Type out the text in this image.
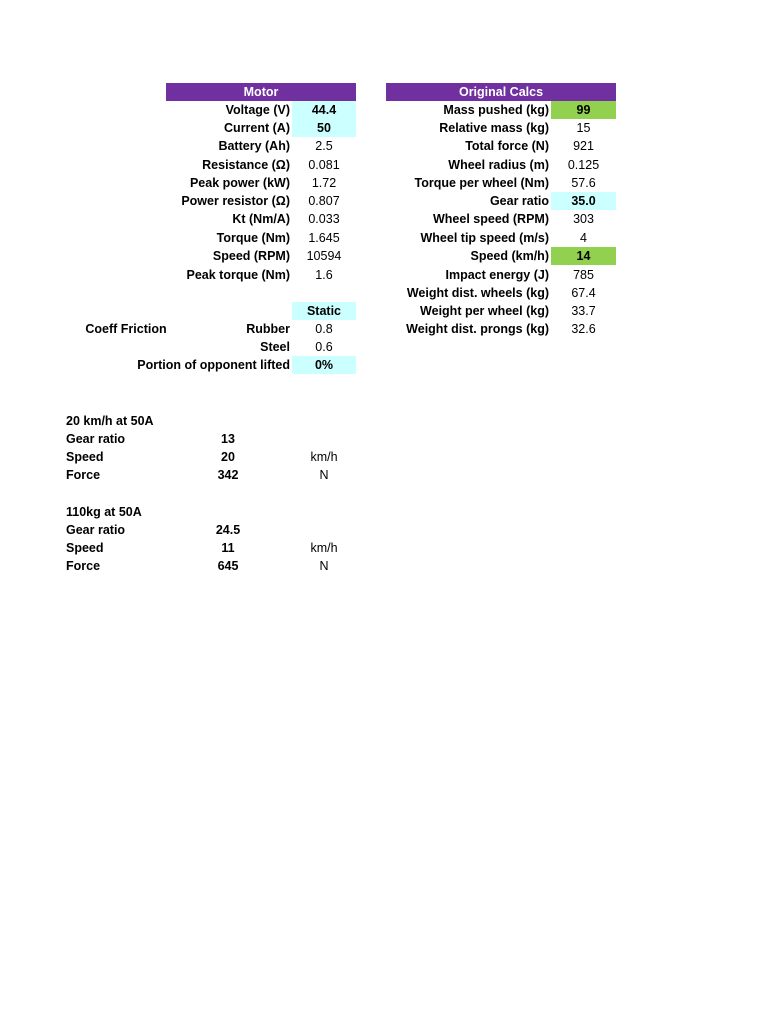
Motor
Voltage (V)	44.4
Current (A)	50
Battery (Ah)	2.5
Resistance (Ω)	0.081
Peak power (kW)	1.72
Power resistor (Ω)	0.807
Kt (Nm/A)	0.033
Torque (Nm)	1.645
Speed (RPM)	10594
Peak torque (Nm)	1.6
Static
Coeff Friction	Rubber	0.8
Steel	0.6
Portion of opponent lifted	0%
Original Calcs
Mass pushed (kg)	99
Relative mass (kg)	15
Total force (N)	921
Wheel radius (m)	0.125
Torque per wheel (Nm)	57.6
Gear ratio	35.0
Wheel speed (RPM)	303
Wheel tip speed (m/s)	4
Speed (km/h)	14
Impact energy (J)	785
Weight dist. wheels (kg)	67.4
Weight per wheel (kg)	33.7
Weight dist. prongs (kg)	32.6
20 km/h at 50A
Gear ratio	13
Speed	20	km/h
Force	342	N
110kg at 50A
Gear ratio	24.5
Speed	11	km/h
Force	645	N
